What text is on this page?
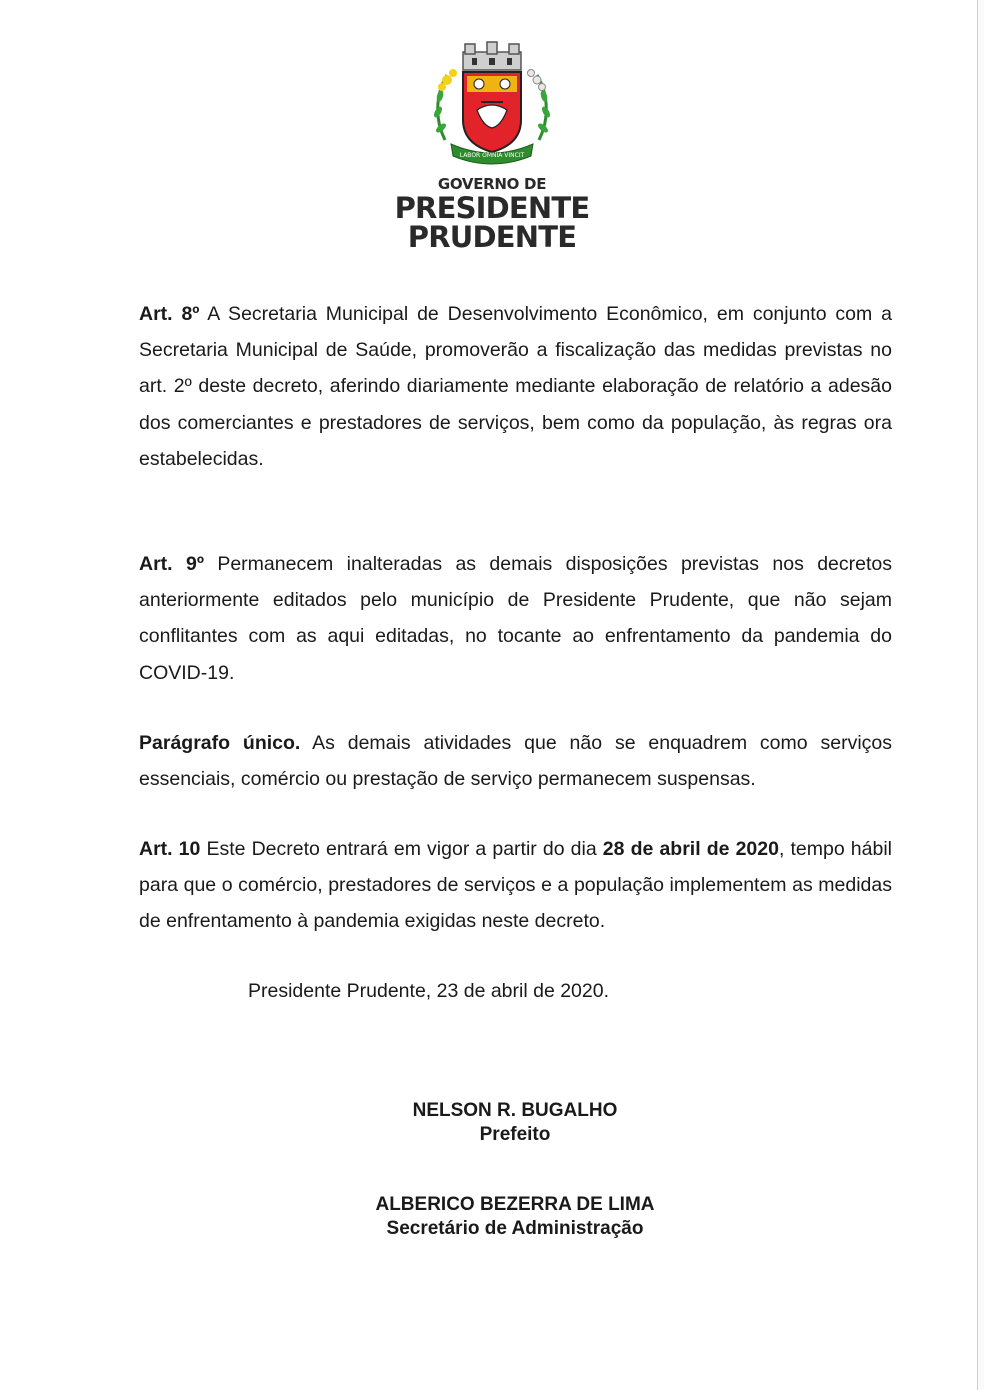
LABOR OMNIA VINCIT
GOVERNO DE
PRESIDENTE
PRUDENTE

Art. 8º A Secretaria Municipal de Desenvolvimento Econômico, em conjunto com a Secretaria Municipal de Saúde, promoverão a fiscalização das medidas previstas no art. 2º deste decreto, aferindo diariamente mediante elaboração de relatório a adesão dos comerciantes e prestadores de serviços, bem como da população, às regras ora estabelecidas.

Art. 9º Permanecem inalteradas as demais disposições previstas nos decretos anteriormente editados pelo município de Presidente Prudente, que não sejam conflitantes com as aqui editadas, no tocante ao enfrentamento da pandemia do COVID-19.

Parágrafo único. As demais atividades que não se enquadrem como serviços essenciais, comércio ou prestação de serviço permanecem suspensas.

Art. 10 Este Decreto entrará em vigor a partir do dia 28 de abril de 2020, tempo hábil para que o comércio, prestadores de serviços e a população implementem as medidas de enfrentamento à pandemia exigidas neste decreto.

Presidente Prudente, 23 de abril de 2020.
NELSON R. BUGALHO
Prefeito
ALBERICO BEZERRA DE LIMA
Secretário de Administração
